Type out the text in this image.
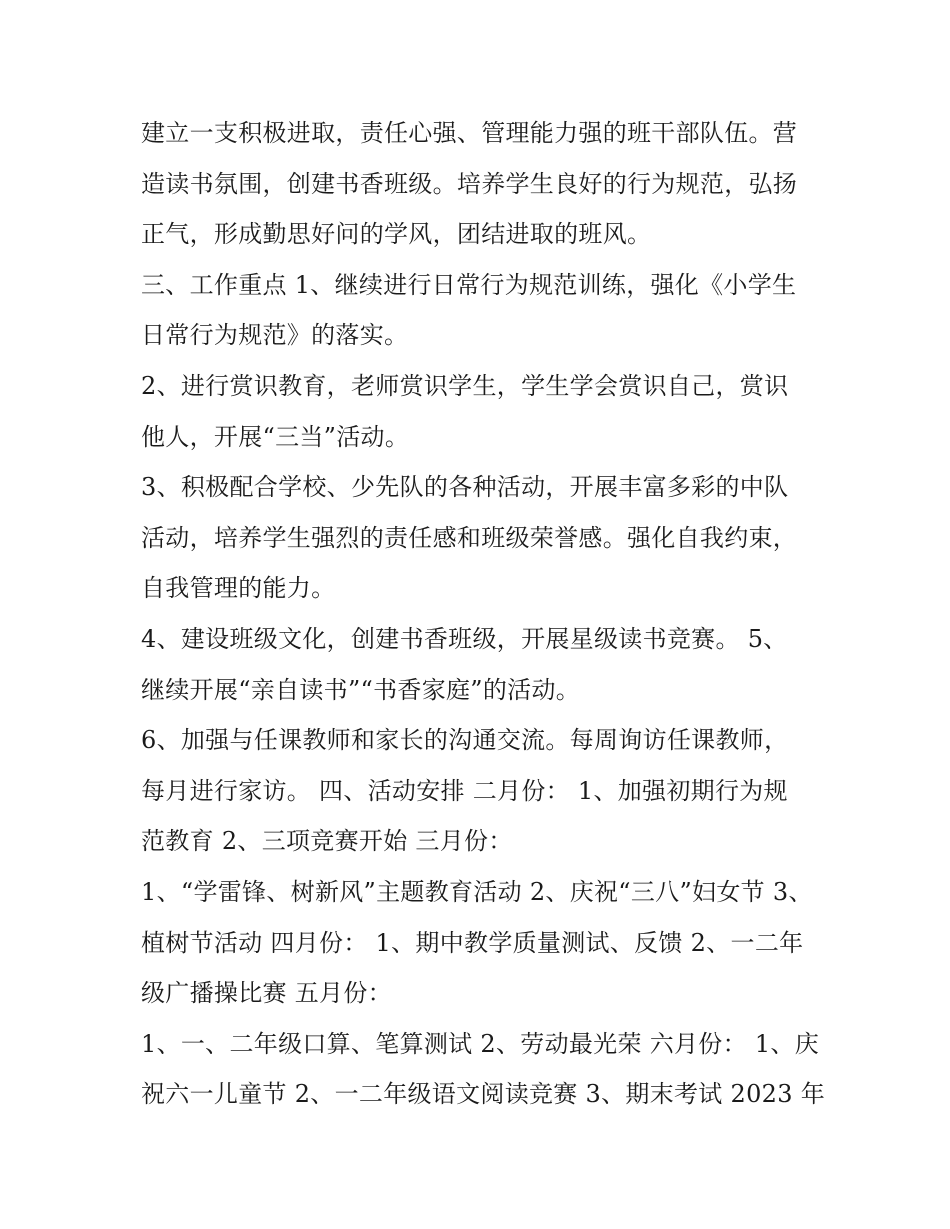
建立一支积极进取，责任心强、管理能力强的班干部队伍。营
造读书氛围，创建书香班级。培养学生良好的行为规范，弘扬
正气，形成勤思好问的学风，团结进取的班风。
三、工作重点 1、继续进行日常行为规范训练，强化《小学生
日常行为规范》的落实。
2、进行赏识教育，老师赏识学生，学生学会赏识自己，赏识
他人，开展“三当”活动。
3、积极配合学校、少先队的各种活动，开展丰富多彩的中队
活动，培养学生强烈的责任感和班级荣誉感。强化自我约束，
自我管理的能力。
4、建设班级文化，创建书香班级，开展星级读书竞赛。 5、
继续开展“亲自读书”“书香家庭”的活动。
6、加强与任课教师和家长的沟通交流。每周询访任课教师，
每月进行家访。 四、活动安排 二月份： 1、加强初期行为规
范教育 2、三项竞赛开始 三月份：
1、“学雷锋、树新风”主题教育活动 2、庆祝“三八”妇女节 3、
植树节活动 四月份： 1、期中教学质量测试、反馈 2、一二年
级广播操比赛 五月份：
1、一、二年级口算、笔算测试 2、劳动最光荣 六月份： 1、庆
祝六一儿童节 2、一二年级语文阅读竞赛 3、期末考试 2023 年
